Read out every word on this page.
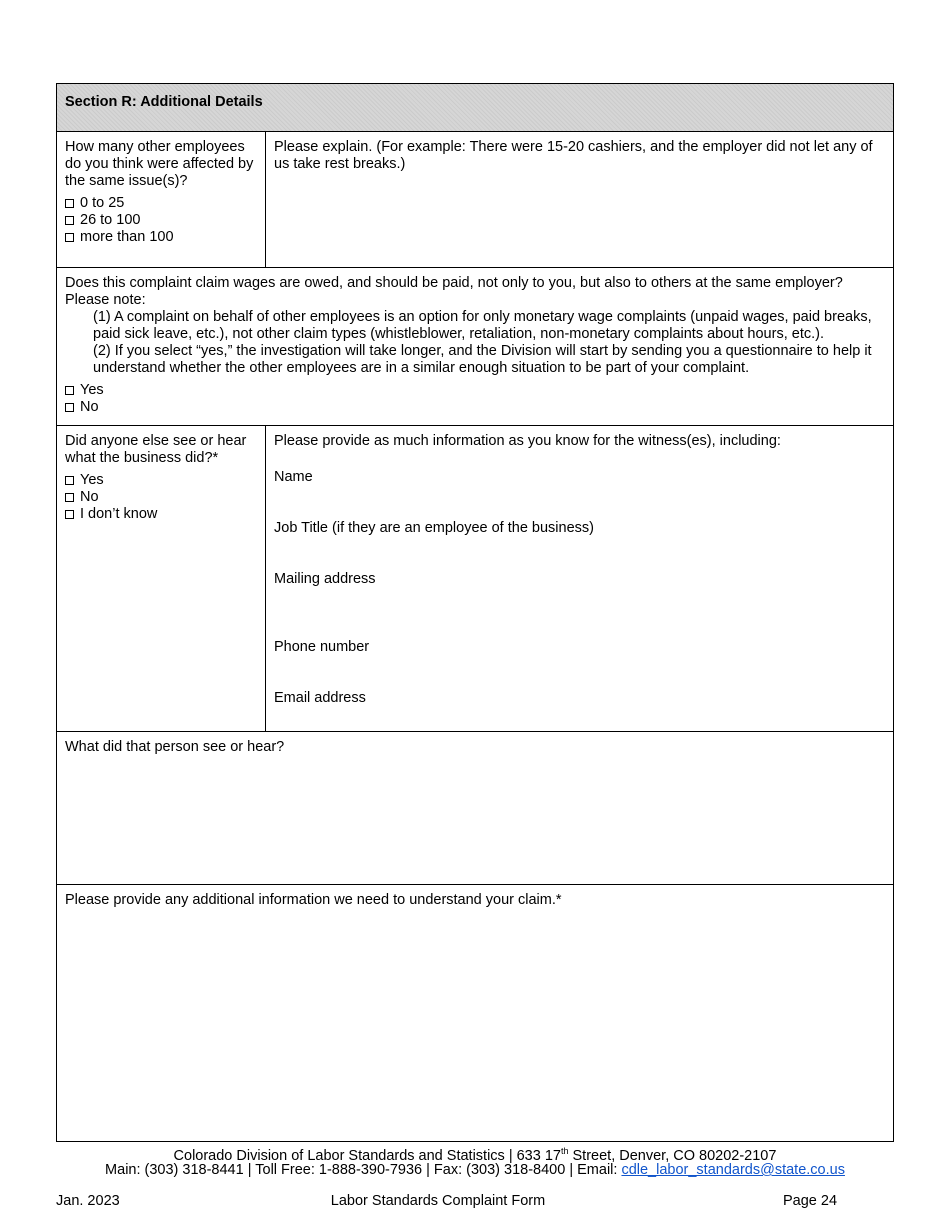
Section R: Additional Details
How many other employees do you think were affected by the same issue(s)?
0 to 25
26 to 100
more than 100
Please explain. (For example: There were 15-20 cashiers, and the employer did not let any of us take rest breaks.)
Does this complaint claim wages are owed, and should be paid, not only to you, but also to others at the same employer?
Please note:
(1) A complaint on behalf of other employees is an option for only monetary wage complaints (unpaid wages, paid breaks, paid sick leave, etc.), not other claim types (whistleblower, retaliation, non-monetary complaints about hours, etc.).
(2) If you select “yes,” the investigation will take longer, and the Division will start by sending you a questionnaire to help it understand whether the other employees are in a similar enough situation to be part of your complaint.
Yes
No
Did anyone else see or hear what the business did?*
Yes
No
I don’t know
Please provide as much information as you know for the witness(es), including:
Name
Job Title (if they are an employee of the business)
Mailing address
Phone number
Email address
What did that person see or hear?
Please provide any additional information we need to understand your claim.*
Colorado Division of Labor Standards and Statistics | 633 17th Street, Denver, CO 80202-2107
Main: (303) 318-8441 | Toll Free: 1-888-390-7936 | Fax: (303) 318-8400 | Email: cdle_labor_standards@state.co.us
Jan. 2023	Labor Standards Complaint Form	Page 24
